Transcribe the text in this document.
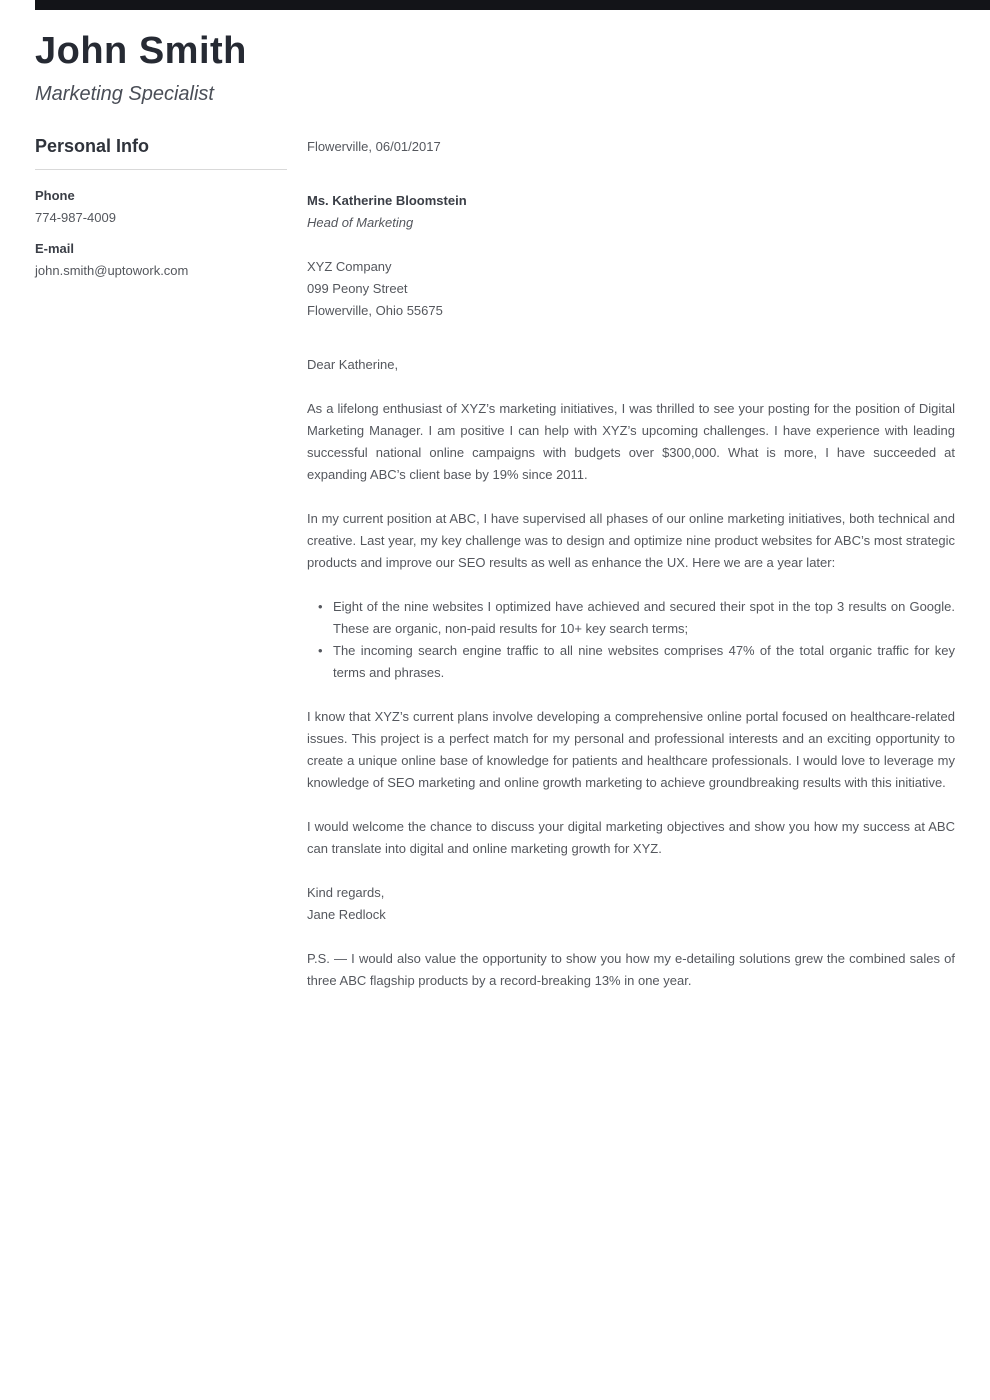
John Smith
Marketing Specialist
Personal Info
Phone
774-987-4009
E-mail
john.smith@uptowork.com
Flowerville, 06/01/2017
Ms. Katherine Bloomstein
Head of Marketing
XYZ Company
099 Peony Street
Flowerville, Ohio 55675
Dear Katherine,

As a lifelong enthusiast of XYZ’s marketing initiatives, I was thrilled to see your posting for the position of Digital Marketing Manager. I am positive I can help with XYZ’s upcoming challenges. I have experience with leading successful national online campaigns with budgets over $300,000. What is more, I have succeeded at expanding ABC’s client base by 19% since 2011.

In my current position at ABC, I have supervised all phases of our online marketing initiatives, both technical and creative. Last year, my key challenge was to design and optimize nine product websites for ABC’s most strategic products and improve our SEO results as well as enhance the UX. Here we are a year later:

• Eight of the nine websites I optimized have achieved and secured their spot in the top 3 results on Google. These are organic, non-paid results for 10+ key search terms;
• The incoming search engine traffic to all nine websites comprises 47% of the total organic traffic for key terms and phrases.

I know that XYZ’s current plans involve developing a comprehensive online portal focused on healthcare-related issues. This project is a perfect match for my personal and professional interests and an exciting opportunity to create a unique online base of knowledge for patients and healthcare professionals. I would love to leverage my knowledge of SEO marketing and online growth marketing to achieve groundbreaking results with this initiative.

I would welcome the chance to discuss your digital marketing objectives and show you how my success at ABC can translate into digital and online marketing growth for XYZ.

Kind regards,
Jane Redlock

P.S. — I would also value the opportunity to show you how my e-detailing solutions grew the combined sales of three ABC flagship products by a record-breaking 13% in one year.
